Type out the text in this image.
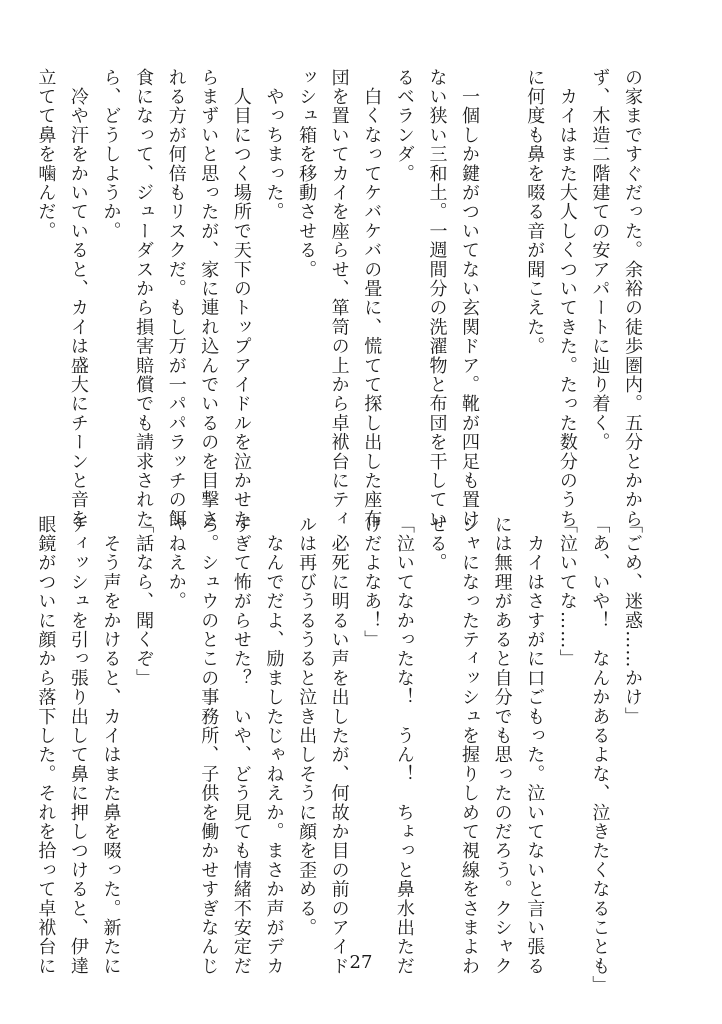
の家まですぐだった。余裕の徒歩圏内。五分とかから
ず、木造二階建ての安アパートに辿り着く。
　カイはまた大人しくついてきた。たった数分のうち
に何度も鼻を啜る音が聞こえた。

　一個しか鍵がついてない玄関ドア。靴が四足も置け
ない狭い三和土。一週間分の洗濯物と布団を干してい
るベランダ。
　白くなってケバケバの畳に、慌てて探し出した座布
団を置いてカイを座らせ、箪笥の上から卓袱台にティ
ッシュ箱を移動させる。
　やっちまった。
　人目につく場所で天下のトップアイドルを泣かせた
らまずいと思ったが、家に連れ込んでいるのを目撃さ
れる方が何倍もリスクだ。もし万が一パパラッチの餌
食になって、ジューダスから損害賠償でも請求された
ら、どうしようか。
　冷や汗をかいていると、カイは盛大にチーンと音を
立てて鼻を噛んだ。
「ごめ、迷惑……かけ」
「あ、いや！　なんかあるよな、泣きたくなることも」
「泣いてな……」
　カイはさすがに口ごもった。泣いてないと言い張る
には無理があると自分でも思ったのだろう。クシャク
シャになったティッシュを握りしめて視線をさまよわ
せる。
「泣いてなかったな！　うん！　ちょっと鼻水出ただ
けだよなあ！」
　必死に明るい声を出したが、何故か目の前のアイド
ルは再びうるうると泣き出しそうに顔を歪める。
　なんでだよ、励ましたじゃねえか。まさか声がデカ
すぎて怖がらせた？　いや、どう見ても情緒不安定だ
ろ。シュウのとこの事務所、子供を働かせすぎなんじ
ゃねえか。
「話なら、聞くぞ」
　そう声をかけると、カイはまた鼻を啜った。新たに
ティッシュを引っ張り出して鼻に押しつけると、伊達
眼鏡がついに顔から落下した。それを拾って卓袱台に	27
